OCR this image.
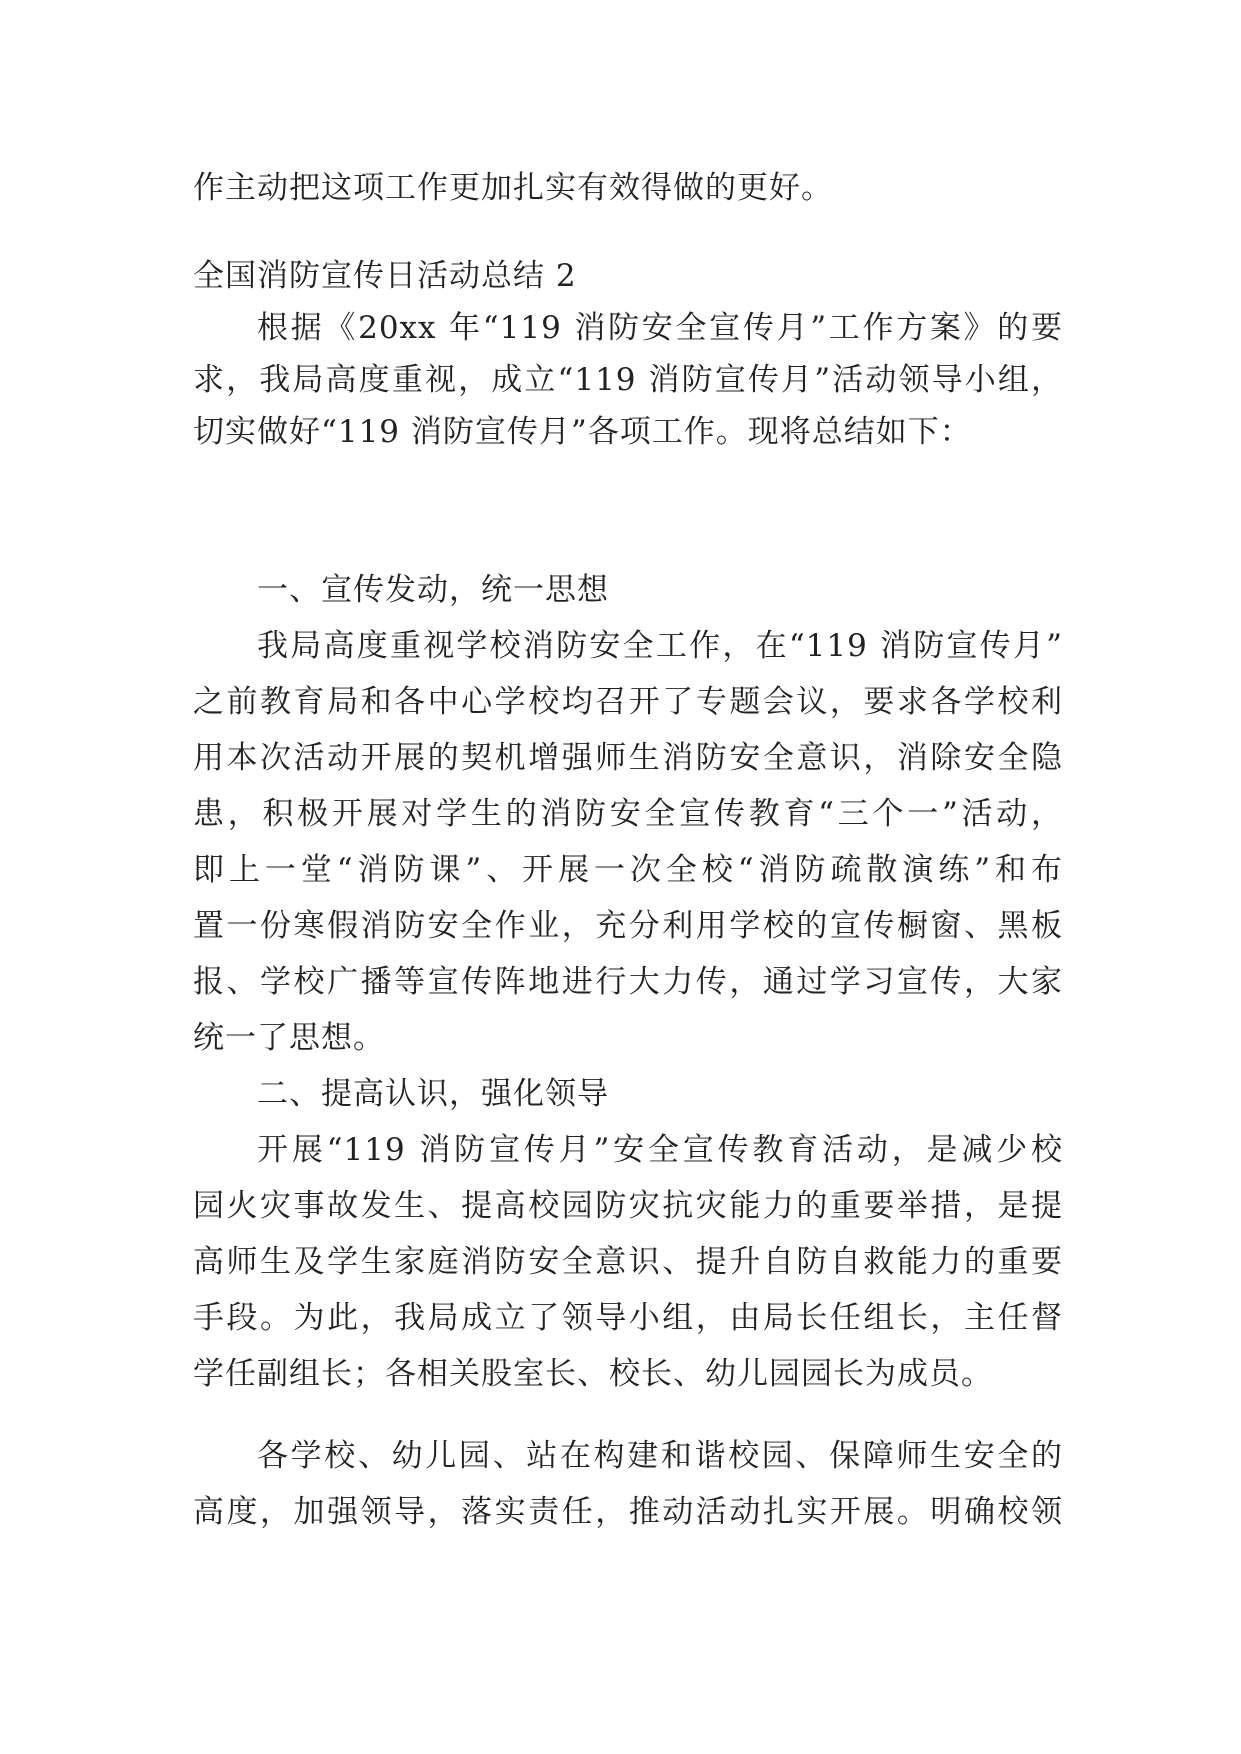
作主动把这项工作更加扎实有效得做的更好。
全国消防宣传日活动总结 2
根据《20xx 年“119 消防安全宣传月”工作方案》的要
求，我局高度重视，成立“119 消防宣传月”活动领导小组，
切实做好“119 消防宣传月”各项工作。现将总结如下：
一、宣传发动，统一思想
我局高度重视学校消防安全工作，在“119 消防宣传月”
之前教育局和各中心学校均召开了专题会议，要求各学校利
用本次活动开展的契机增强师生消防安全意识，消除安全隐
患，积极开展对学生的消防安全宣传教育“三个一”活动，
即上一堂“消防课”、开展一次全校“消防疏散演练”和布
置一份寒假消防安全作业，充分利用学校的宣传橱窗、黑板
报、学校广播等宣传阵地进行大力传，通过学习宣传，大家
统一了思想。
二、提高认识，强化领导
开展“119 消防宣传月”安全宣传教育活动，是减少校
园火灾事故发生、提高校园防灾抗灾能力的重要举措，是提
高师生及学生家庭消防安全意识、提升自防自救能力的重要
手段。为此，我局成立了领导小组，由局长任组长，主任督
学任副组长；各相关股室长、校长、幼儿园园长为成员。
各学校、幼儿园、站在构建和谐校园、保障师生安全的
高度，加强领导，落实责任，推动活动扎实开展。明确校领
